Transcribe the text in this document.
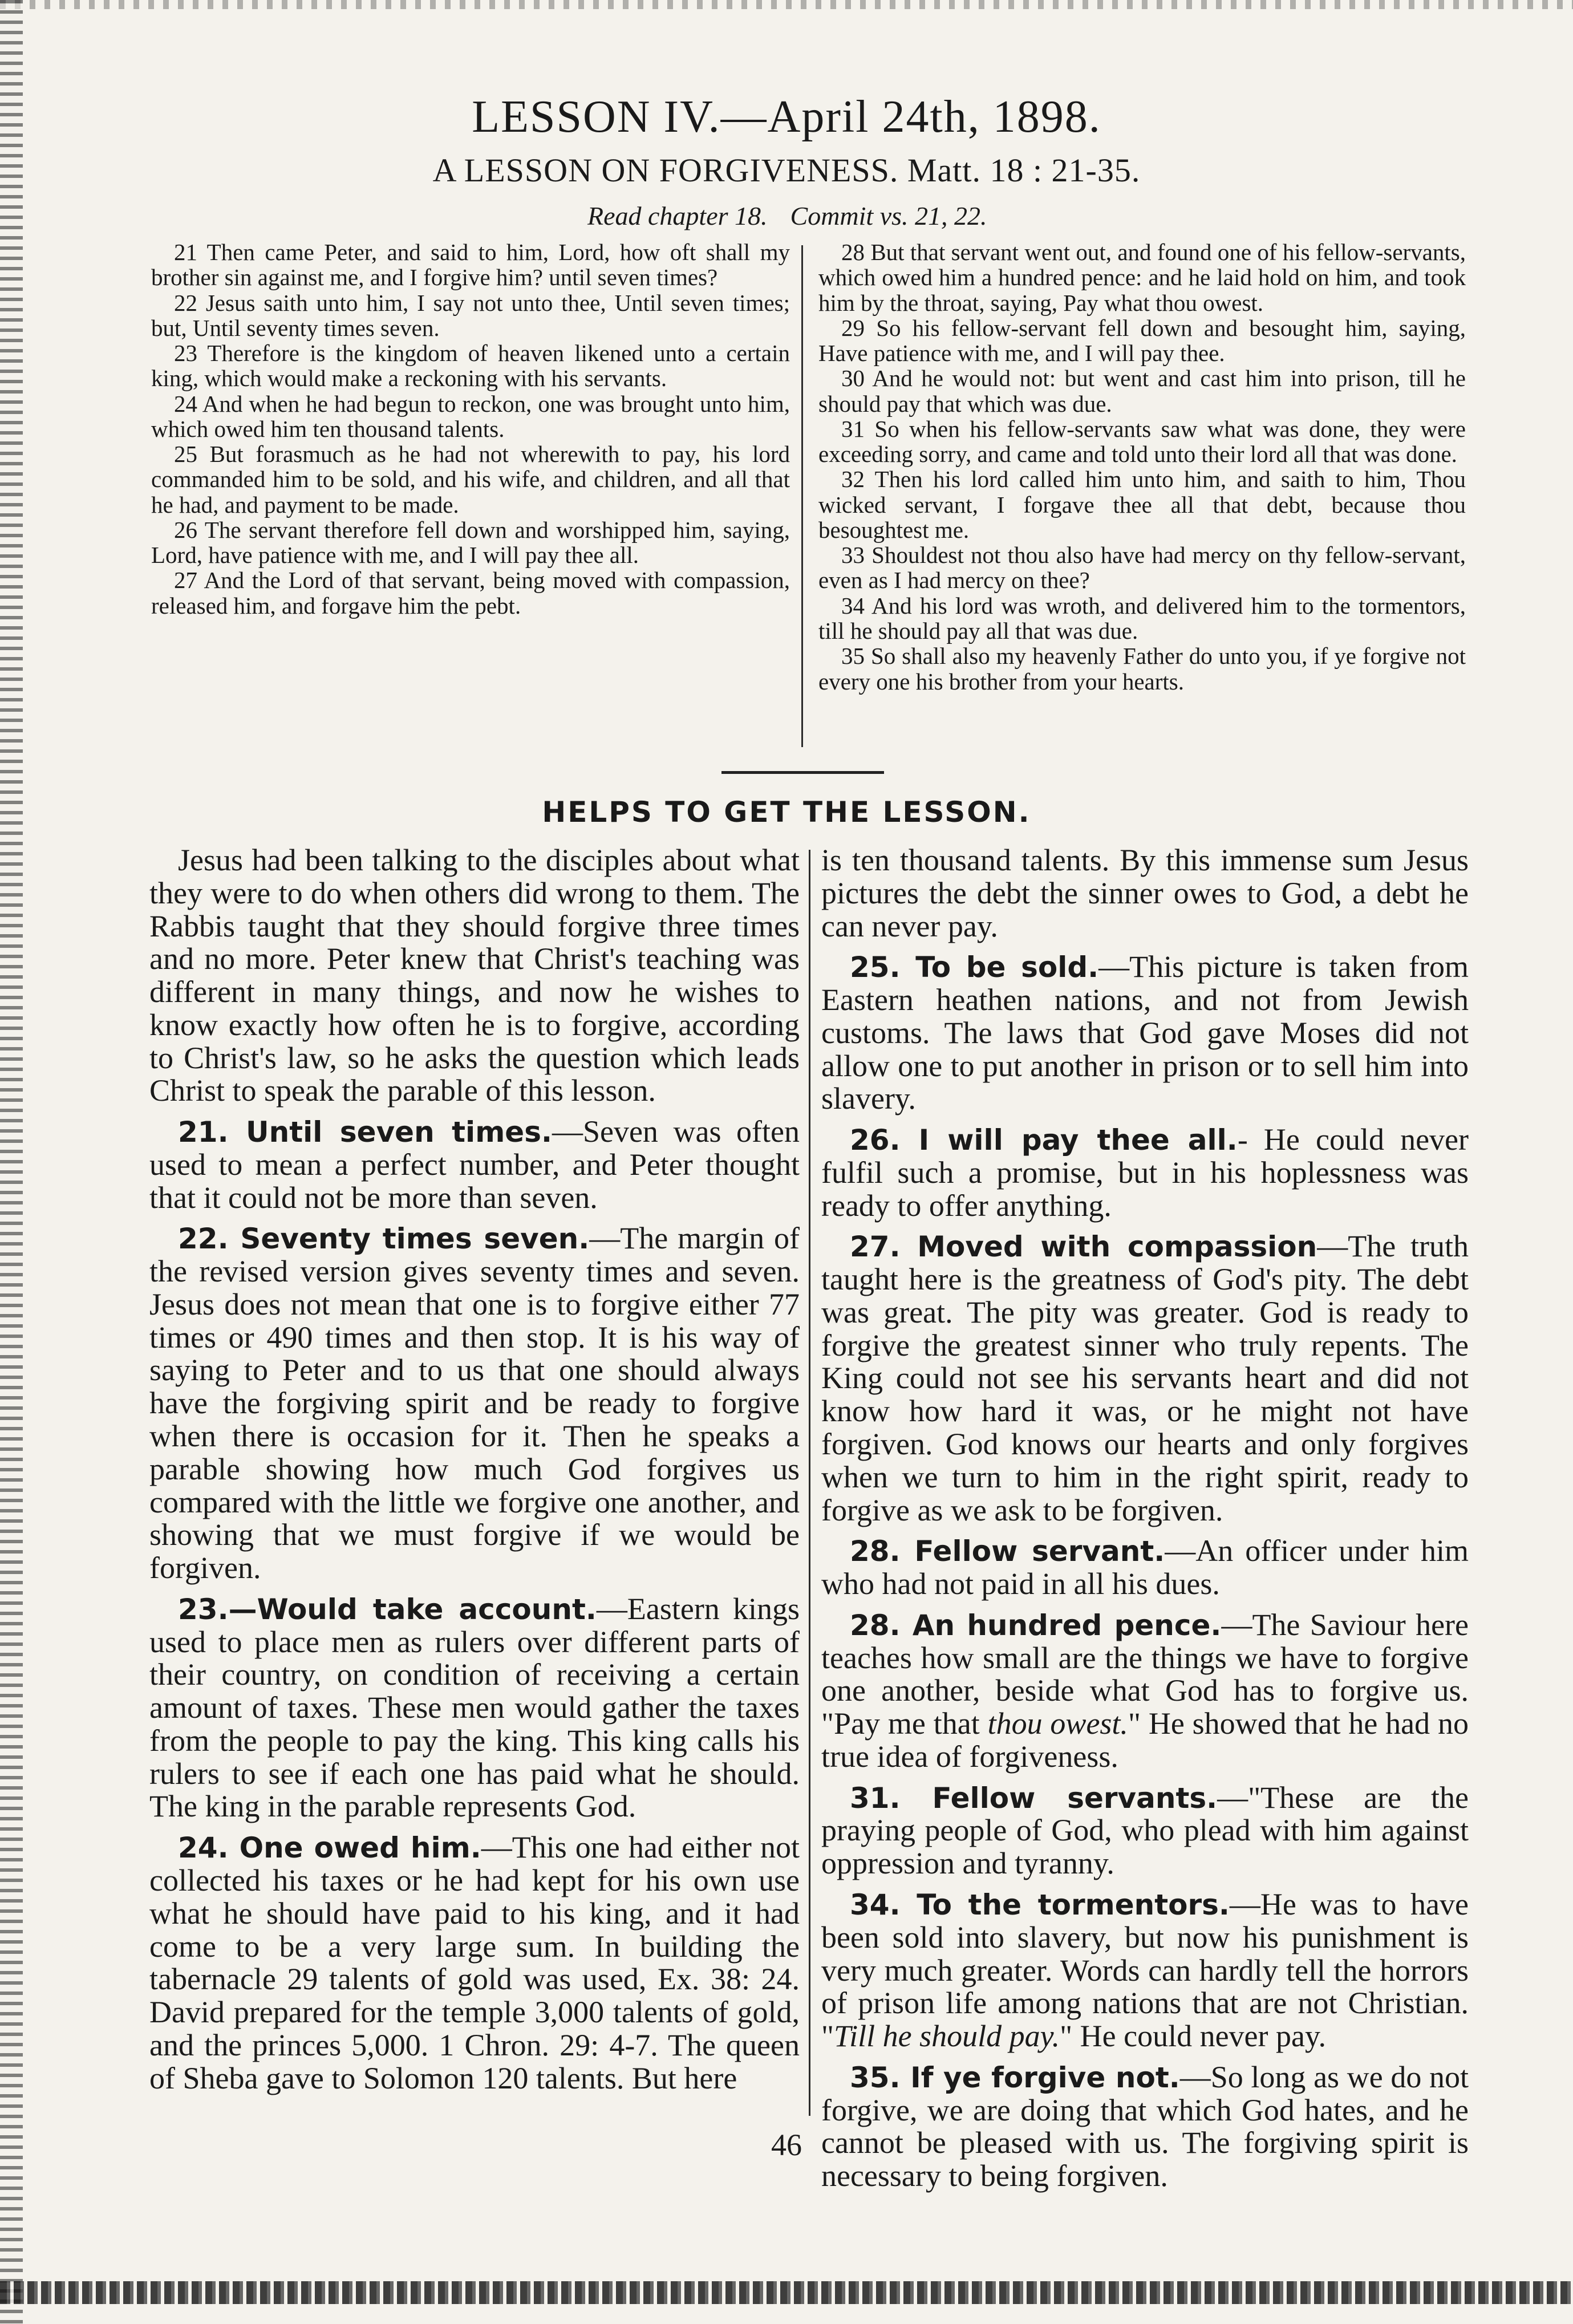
LESSON IV.—April 24th, 1898.
A LESSON ON FORGIVENESS. Matt. 18 : 21-35.
Read chapter 18. Commit vs. 21, 22.

21 Then came Peter, and said to him, Lord, how oft shall my brother sin against me, and I forgive him? until seven times?

22 Jesus saith unto him, I say not unto thee, Until seven times; but, Until seventy times seven.

23 Therefore is the kingdom of heaven likened unto a certain king, which would make a reckoning with his servants.

24 And when he had begun to reckon, one was brought unto him, which owed him ten thousand talents.

25 But forasmuch as he had not wherewith to pay, his lord commanded him to be sold, and his wife, and children, and all that he had, and payment to be made.

26 The servant therefore fell down and worshipped him, saying, Lord, have patience with me, and I will pay thee all.

27 And the Lord of that servant, being moved with compassion, released him, and forgave him the pebt.

28 But that servant went out, and found one of his fellow-servants, which owed him a hundred pence: and he laid hold on him, and took him by the throat, saying, Pay what thou owest.

29 So his fellow-servant fell down and besought him, saying, Have patience with me, and I will pay thee.

30 And he would not: but went and cast him into prison, till he should pay that which was due.

31 So when his fellow-servants saw what was done, they were exceeding sorry, and came and told unto their lord all that was done.

32 Then his lord called him unto him, and saith to him, Thou wicked servant, I forgave thee all that debt, because thou besoughtest me.

33 Shouldest not thou also have had mercy on thy fellow-servant, even as I had mercy on thee?

34 And his lord was wroth, and delivered him to the tormentors, till he should pay all that was due.

35 So shall also my heavenly Father do unto you, if ye forgive not every one his brother from your hearts.

HELPS TO GET THE LESSON.

Jesus had been talking to the disciples about what they were to do when others did wrong to them. The Rabbis taught that they should forgive three times and no more. Peter knew that Christ's teaching was different in many things, and now he wishes to know exactly how often he is to forgive, according to Christ's law, so he asks the question which leads Christ to speak the parable of this lesson.

21. Until seven times.—Seven was often used to mean a perfect number, and Peter thought that it could not be more than seven.

22. Seventy times seven.—The margin of the revised version gives seventy times and seven. Jesus does not mean that one is to forgive either 77 times or 490 times and then stop. It is his way of saying to Peter and to us that one should always have the forgiving spirit and be ready to forgive when there is occasion for it. Then he speaks a parable showing how much God forgives us compared with the little we forgive one another, and showing that we must forgive if we would be forgiven.

23.—Would take account.—Eastern kings used to place men as rulers over different parts of their country, on condition of receiving a certain amount of taxes. These men would gather the taxes from the people to pay the king. This king calls his rulers to see if each one has paid what he should. The king in the parable represents God.

24. One owed him.—This one had either not collected his taxes or he had kept for his own use what he should have paid to his king, and it had come to be a very large sum. In building the tabernacle 29 talents of gold was used, Ex. 38: 24. David prepared for the temple 3,000 talents of gold, and the princes 5,000. 1 Chron. 29: 4-7. The queen of Sheba gave to Solomon 120 talents. But here

is ten thousand talents. By this immense sum Jesus pictures the debt the sinner owes to God, a debt he can never pay.

25. To be sold.—This picture is taken from Eastern heathen nations, and not from Jewish customs. The laws that God gave Moses did not allow one to put another in prison or to sell him into slavery.

26. I will pay thee all.- He could never fulfil such a promise, but in his hoplessness was ready to offer anything.

27. Moved with compassion—The truth taught here is the greatness of God's pity. The debt was great. The pity was greater. God is ready to forgive the greatest sinner who truly repents. The King could not see his servants heart and did not know how hard it was, or he might not have forgiven. God knows our hearts and only forgives when we turn to him in the right spirit, ready to forgive as we ask to be forgiven.

28. Fellow servant.—An officer under him who had not paid in all his dues.

28. An hundred pence.—The Saviour here teaches how small are the things we have to forgive one another, beside what God has to forgive us. "Pay me that thou owest." He showed that he had no true idea of forgiveness.

31. Fellow servants.—"These are the praying people of God, who plead with him against oppression and tyranny.

34. To the tormentors.—He was to have been sold into slavery, but now his punishment is very much greater. Words can hardly tell the horrors of prison life among nations that are not Christian. "Till he should pay." He could never pay.

35. If ye forgive not.—So long as we do not forgive, we are doing that which God hates, and he cannot be pleased with us. The forgiving spirit is necessary to being forgiven.

46
